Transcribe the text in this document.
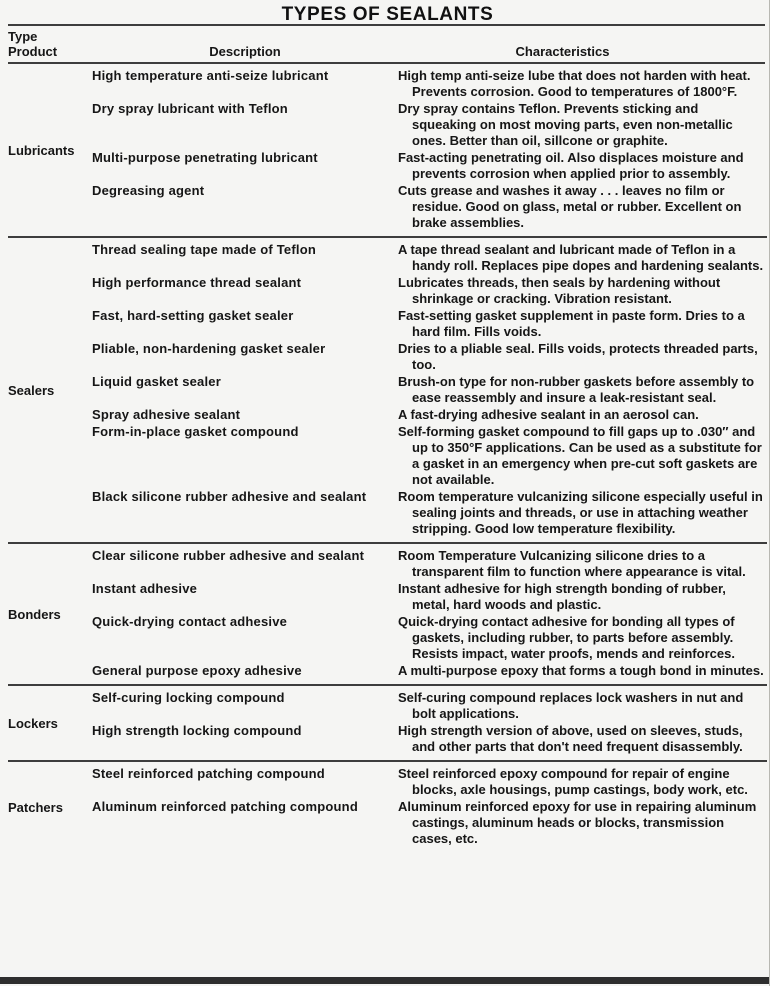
TYPES OF SEALANTS
Type
Product	Description	Characteristics
Lubricants
High temperature anti-seize lubricant	High temp anti-seize lube that does not harden with heat. Prevents corrosion. Good to temperatures of 1800°F.
Dry spray lubricant with Teflon	Dry spray contains Teflon. Prevents sticking and squeaking on most moving parts, even non-metallic ones. Better than oil, sillcone or graphite.
Multi-purpose penetrating lubricant	Fast-acting penetrating oil. Also displaces moisture and prevents corrosion when applied prior to assembly.
Degreasing agent	Cuts grease and washes it away . . . leaves no film or residue. Good on glass, metal or rubber. Excellent on brake assemblies.
Sealers
Thread sealing tape made of Teflon	A tape thread sealant and lubricant made of Teflon in a handy roll. Replaces pipe dopes and hardening sealants.
High performance thread sealant	Lubricates threads, then seals by hardening without shrinkage or cracking. Vibration resistant.
Fast, hard-setting gasket sealer	Fast-setting gasket supplement in paste form. Dries to a hard film. Fills voids.
Pliable, non-hardening gasket sealer	Dries to a pliable seal. Fills voids, protects threaded parts, too.
Liquid gasket sealer	Brush-on type for non-rubber gaskets before assembly to ease reassembly and insure a leak-resistant seal.
Spray adhesive sealant	A fast-drying adhesive sealant in an aerosol can.
Form-in-place gasket compound	Self-forming gasket compound to fill gaps up to .030″ and up to 350°F applications. Can be used as a substitute for a gasket in an emergency when pre-cut soft gaskets are not available.
Black silicone rubber adhesive and sealant	Room temperature vulcanizing silicone especially useful in sealing joints and threads, or use in attaching weather stripping. Good low temperature flexibility.
Bonders
Clear silicone rubber adhesive and sealant	Room Temperature Vulcanizing silicone dries to a transparent film to function where appearance is vital.
Instant adhesive	Instant adhesive for high strength bonding of rubber, metal, hard woods and plastic.
Quick-drying contact adhesive	Quick-drying contact adhesive for bonding all types of gaskets, including rubber, to parts before assembly. Resists impact, water proofs, mends and reinforces.
General purpose epoxy adhesive	A multi-purpose epoxy that forms a tough bond in minutes.
Lockers
Self-curing locking compound	Self-curing compound replaces lock washers in nut and bolt applications.
High strength locking compound	High strength version of above, used on sleeves, studs, and other parts that don't need frequent disassembly.
Patchers
Steel reinforced patching compound	Steel reinforced epoxy compound for repair of engine blocks, axle housings, pump castings, body work, etc.
Aluminum reinforced patching compound	Aluminum reinforced epoxy for use in repairing aluminum castings, aluminum heads or blocks, transmission cases, etc.
